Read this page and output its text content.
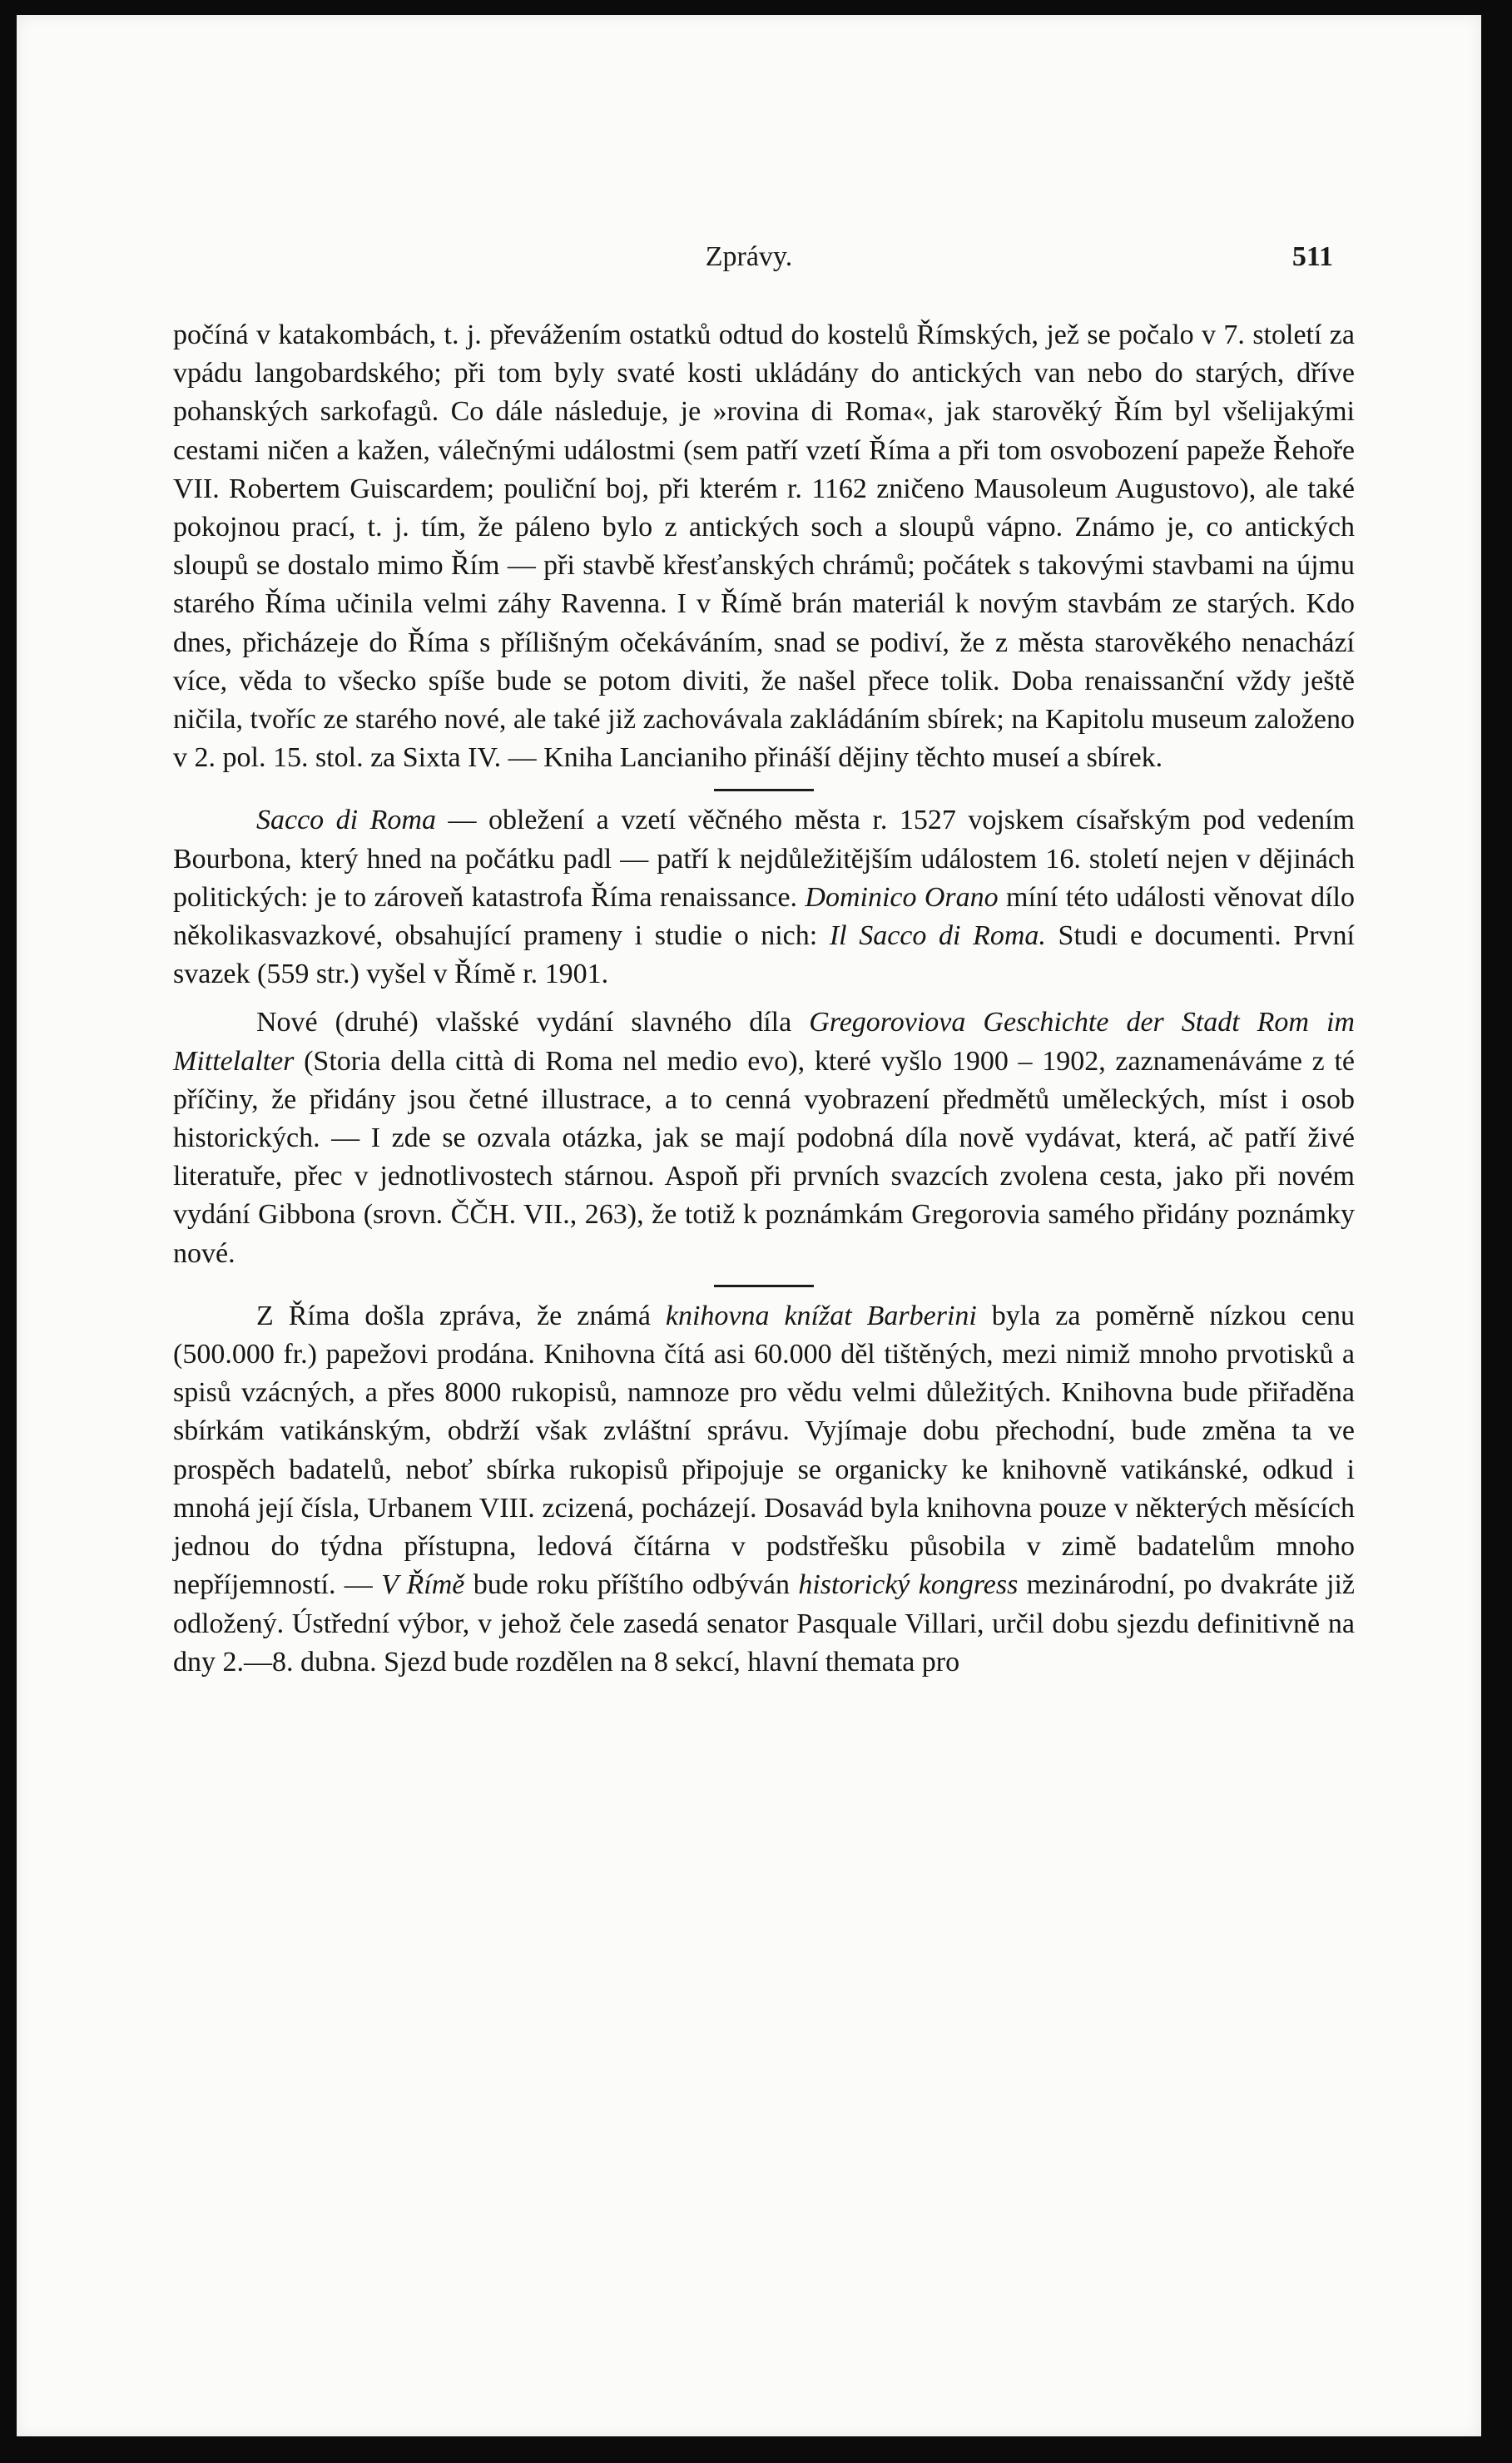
Zprávy.	511

počíná v katakombách, t. j. převážením ostatků odtud do kostelů Římských, jež se počalo v 7. století za vpádu langobardského; při tom byly svaté kosti ukládány do antických van nebo do starých, dříve pohanských sarkofagů. Co dále následuje, je »rovina di Roma«, jak starověký Řím byl všelijakými cestami ničen a kažen, válečnými událostmi (sem patří vzetí Říma a při tom osvobození papeže Řehoře VII. Robertem Guiscardem; pouliční boj, při kterém r. 1162 zničeno Mausoleum Augustovo), ale také pokojnou prací, t. j. tím, že páleno bylo z antických soch a sloupů vápno. Známo je, co antických sloupů se dostalo mimo Řím — při stavbě křesťanských chrámů; počátek s takovými stavbami na újmu starého Říma učinila velmi záhy Ravenna. I v Římě brán materiál k novým stavbám ze starých. Kdo dnes, přicházeje do Říma s přílišným očekáváním, snad se podiví, že z města starověkého nenachází více, věda to všecko spíše bude se potom diviti, že našel přece tolik. Doba renaissanční vždy ještě ničila, tvoříc ze starého nové, ale také již zachovávala zakládáním sbírek; na Kapitolu museum založeno v 2. pol. 15. stol. za Sixta IV. — Kniha Lancianiho přináší dějiny těchto museí a sbírek.

Sacco di Roma — obležení a vzetí věčného města r. 1527 vojskem císařským pod vedením Bourbona, který hned na počátku padl — patří k nejdůležitějším událostem 16. století nejen v dějinách politických: je to zároveň katastrofa Říma renaissance. Dominico Orano míní této události věnovat dílo několikasvazkové, obsahující prameny i studie o nich: Il Sacco di Roma. Studi e documenti. První svazek (559 str.) vyšel v Římě r. 1901.

Nové (druhé) vlašské vydání slavného díla Gregoroviova Geschichte der Stadt Rom im Mittelalter (Storia della città di Roma nel medio evo), které vyšlo 1900 – 1902, zaznamenáváme z té příčiny, že přidány jsou četné illustrace, a to cenná vyobrazení předmětů uměleckých, míst i osob historických. — I zde se ozvala otázka, jak se mají podobná díla nově vydávat, která, ač patří živé literatuře, přec v jednotlivostech stárnou. Aspoň při prvních svazcích zvolena cesta, jako při novém vydání Gibbona (srovn. ČČH. VII., 263), že totiž k poznámkám Gregorovia samého přidány poznámky nové.

Z Říma došla zpráva, že známá knihovna knížat Barberini byla za poměrně nízkou cenu (500.000 fr.) papežovi prodána. Knihovna čítá asi 60.000 děl tištěných, mezi nimiž mnoho prvotisků a spisů vzácných, a přes 8000 rukopisů, namnoze pro vědu velmi důležitých. Knihovna bude přiřaděna sbírkám vatikánským, obdrží však zvláštní správu. Vyjímaje dobu přechodní, bude změna ta ve prospěch badatelů, neboť sbírka rukopisů připojuje se organicky ke knihovně vatikánské, odkud i mnohá její čísla, Urbanem VIII. zcizená, pocházejí. Dosavád byla knihovna pouze v některých měsících jednou do týdna přístupna, ledová čítárna v podstřešku působila v zimě badatelům mnoho nepříjemností. — V Římě bude roku příštího odbýván historický kongress mezinárodní, po dvakráte již odložený. Ústřední výbor, v jehož čele zasedá senator Pasquale Villari, určil dobu sjezdu definitivně na dny 2.—8. dubna. Sjezd bude rozdělen na 8 sekcí, hlavní themata pro
